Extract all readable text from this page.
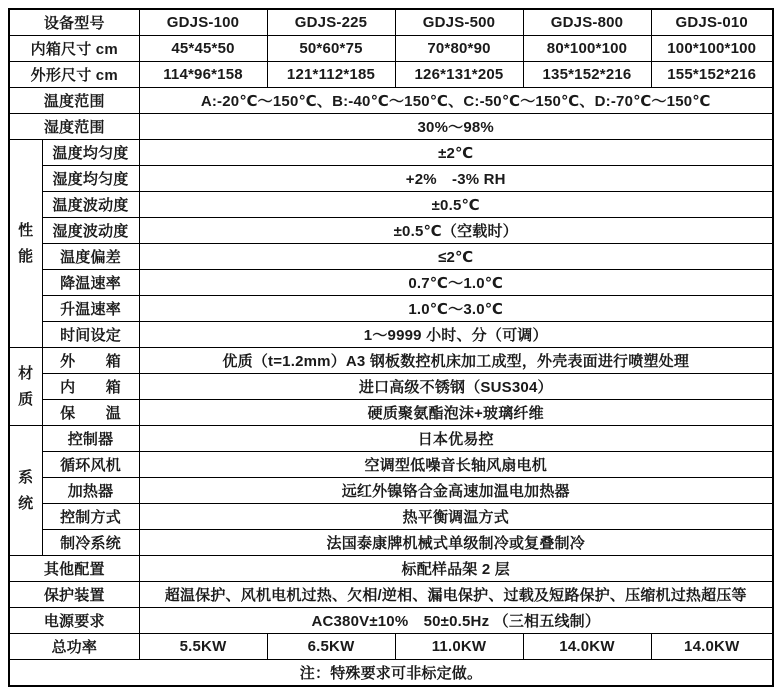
设备型号		GDJS-100	GDJS-225	GDJS-500	GDJS-800	GDJS-010
内箱尺寸 cm		45*45*50	50*60*75	70*80*90	80*100*100	100*100*100
外形尺寸 cm		114*96*158	121*112*185	126*131*205	135*152*216	155*152*216
温度范围		A:-20℃～150℃、B:-40℃～150℃、C:-50℃～150℃、D:-70℃～150℃				
湿度范围		30%～98%				
性能	温度均匀度	±2℃				
	湿度均匀度	+2%　-3% RH				
	温度波动度	±0.5℃				
	湿度波动度	±0.5℃（空载时）				
	温度偏差	≤2℃				
	降温速率	0.7℃～1.0℃				
	升温速率	1.0℃～3.0℃				
	时间设定	1～9999 小时、分（可调）				
材质	外　　箱	优质（t=1.2mm）A3 钢板数控机床加工成型，外壳表面进行喷塑处理				
	内　　箱	进口高级不锈钢（SUS304）				
	保　　温	硬质聚氨酯泡沫+玻璃纤维				
系统	控制器	日本优易控				
	循环风机	空调型低噪音长轴风扇电机				
	加热器	远红外镍铬合金高速加温电加热器				
	控制方式	热平衡调温方式				
	制冷系统	法国泰康牌机械式单级制冷或复叠制冷				
其他配置		标配样品架 2 层				
保护装置		超温保护、风机电机过热、欠相/逆相、漏电保护、过载及短路保护、压缩机过热超压等				
电源要求		AC380V±10%　50±0.5Hz （三相五线制）				
总功率		5.5KW	6.5KW	11.0KW	14.0KW	14.0KW
注：特殊要求可非标定做。						
